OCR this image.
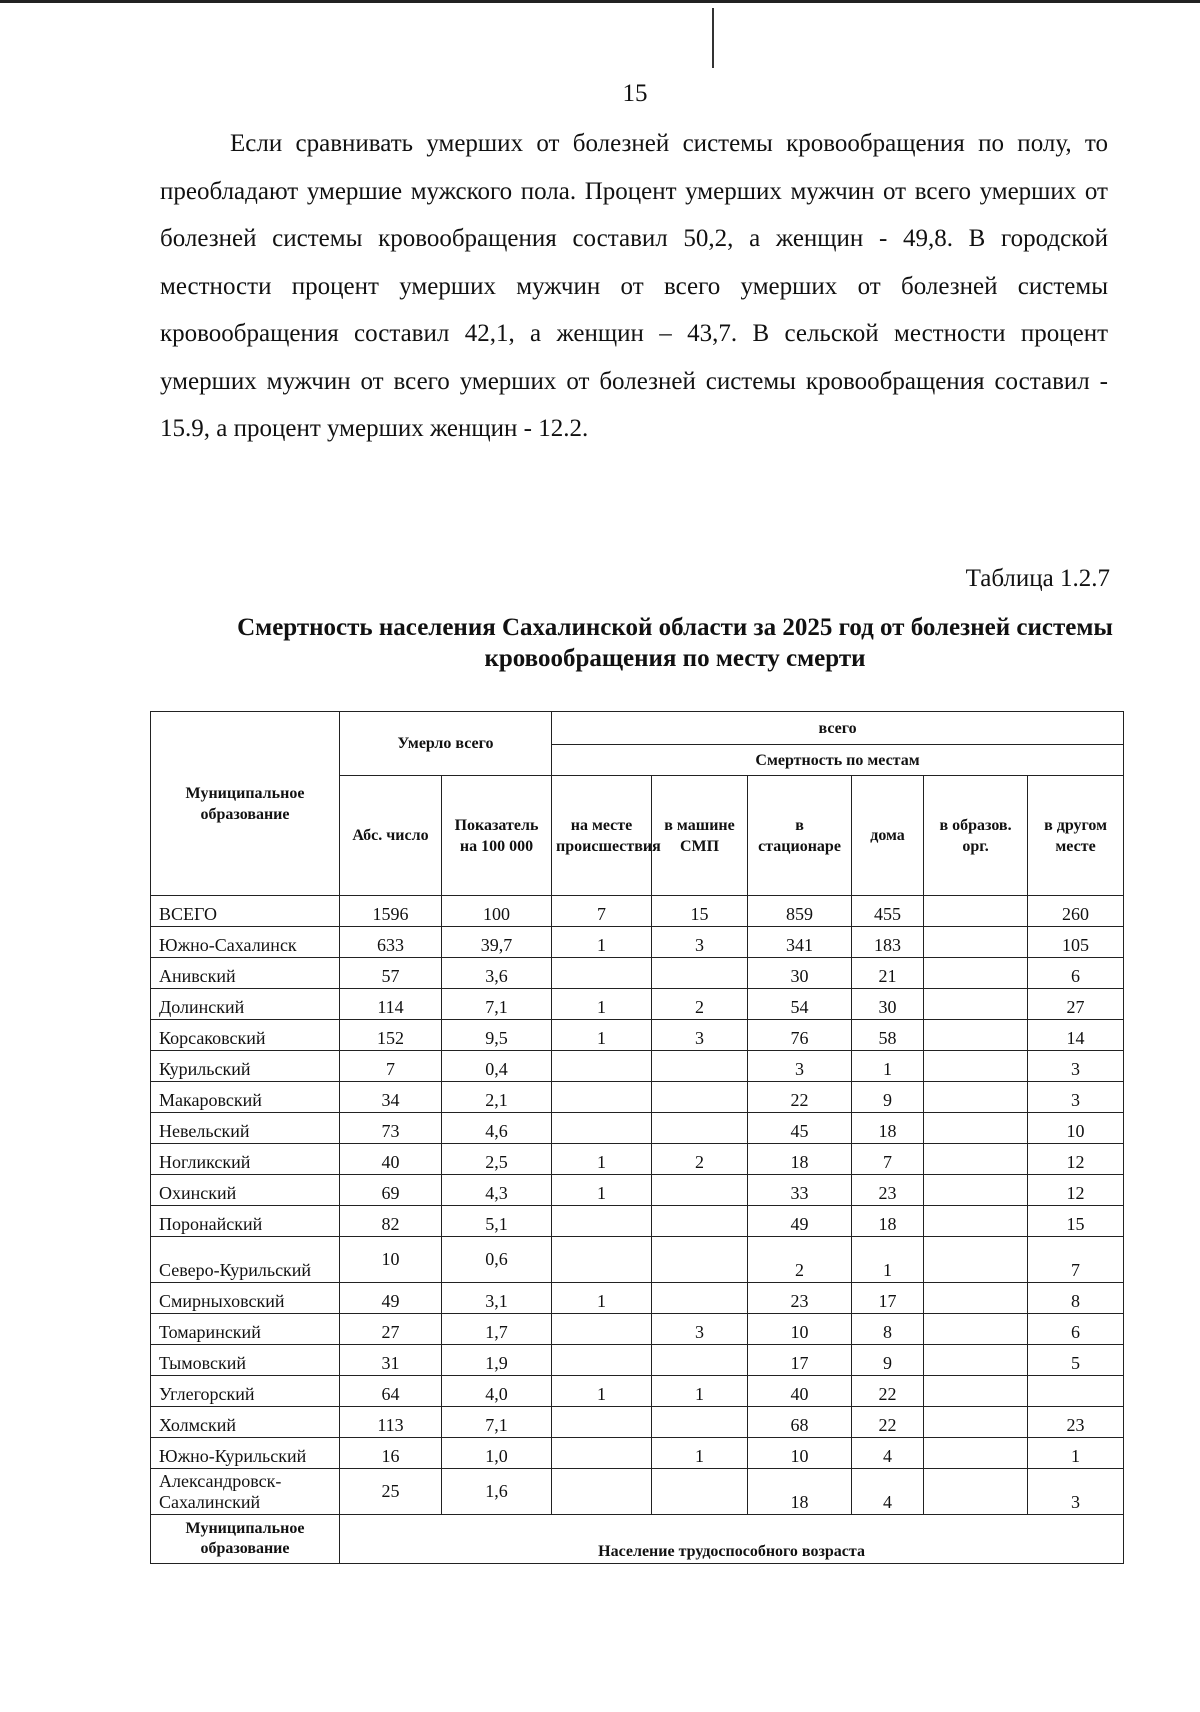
15

Если сравнивать умерших от болезней системы кровообращения по полу, то преобладают умершие мужского пола. Процент умерших мужчин от всего умерших от болезней системы кровообращения составил 50,2, а женщин - 49,8. В городской местности процент умерших мужчин от всего умерших от болезней системы кровообращения составил 42,1, а женщин – 43,7. В сельской местности процент умерших мужчин от всего умерших от болезней системы кровообращения составил - 15.9, а процент умерших женщин - 12.2.

Таблица 1.2.7
Смертность населения Сахалинской области за 2025 год от болезней системы кровообращения по месту смерти
Муниципальное образование	Умерло всего		всего					
			Смертность по местам					
	Абс. число	Показатель на 100 000	на месте происшествия	в машине СМП	в стационаре	дома	в образов. орг.	в другом месте
ВСЕГО	1596	100	7	15	859	455		260
Южно-Сахалинск	633	39,7	1	3	341	183		105
Анивский	57	3,6			30	21		6
Долинский	114	7,1	1	2	54	30		27
Корсаковский	152	9,5	1	3	76	58		14
Курильский	7	0,4			3	1		3
Макаровский	34	2,1			22	9		3
Невельский	73	4,6			45	18		10
Ногликский	40	2,5	1	2	18	7		12
Охинский	69	4,3	1		33	23		12
Поронайский	82	5,1			49	18		15
Северо-Курильский	10	0,6			2	1		7
Смирныховский	49	3,1	1		23	17		8
Томаринский	27	1,7		3	10	8		6
Тымовский	31	1,9			17	9		5
Углегорский	64	4,0	1	1	40	22		
Холмский	113	7,1			68	22		23
Южно-Курильский	16	1,0		1	10	4		1
Александровск-Сахалинский	25	1,6			18	4		3
Муниципальное образование	Население трудоспособного возраста							
